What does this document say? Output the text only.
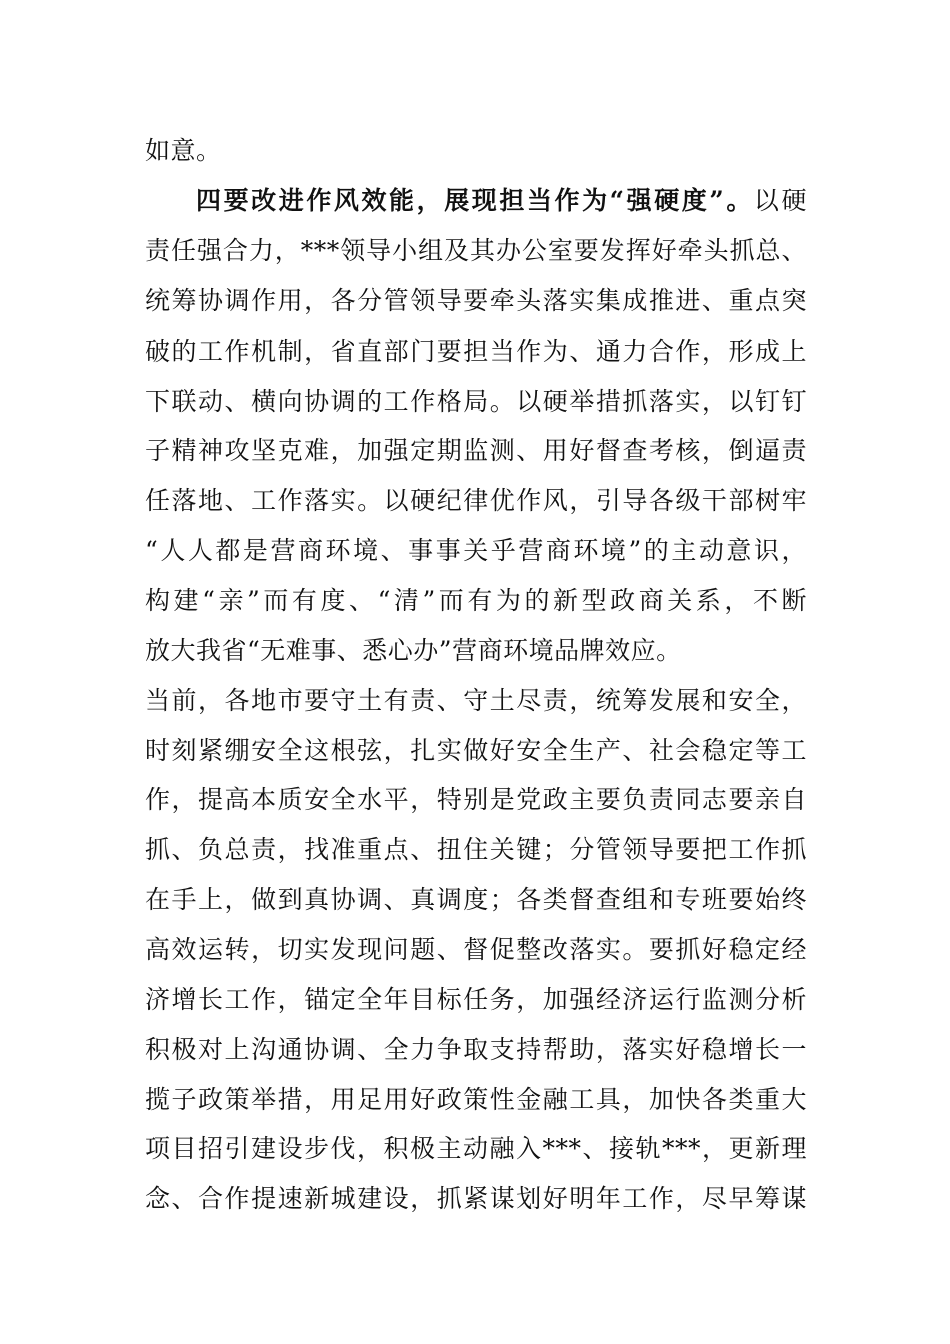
如意。
四要改进作风效能，展现担当作为“强硬度”。以硬
责任强合力，***领导小组及其办公室要发挥好牵头抓总、
统筹协调作用，各分管领导要牵头落实集成推进、重点突
破的工作机制，省直部门要担当作为、通力合作，形成上
下联动、横向协调的工作格局。以硬举措抓落实，以钉钉
子精神攻坚克难，加强定期监测、用好督查考核，倒逼责
任落地、工作落实。以硬纪律优作风，引导各级干部树牢
“人人都是营商环境、事事关乎营商环境”的主动意识，
构建“亲”而有度、“清”而有为的新型政商关系，不断
放大我省“无难事、悉心办”营商环境品牌效应。
当前，各地市要守土有责、守土尽责，统筹发展和安全，
时刻紧绷安全这根弦，扎实做好安全生产、社会稳定等工
作，提高本质安全水平，特别是党政主要负责同志要亲自
抓、负总责，找准重点、扭住关键；分管领导要把工作抓
在手上，做到真协调、真调度；各类督查组和专班要始终
高效运转，切实发现问题、督促整改落实。要抓好稳定经
济增长工作，锚定全年目标任务，加强经济运行监测分析
积极对上沟通协调、全力争取支持帮助，落实好稳增长一
揽子政策举措，用足用好政策性金融工具，加快各类重大
项目招引建设步伐，积极主动融入***、接轨***，更新理
念、合作提速新城建设，抓紧谋划好明年工作，尽早筹谋
